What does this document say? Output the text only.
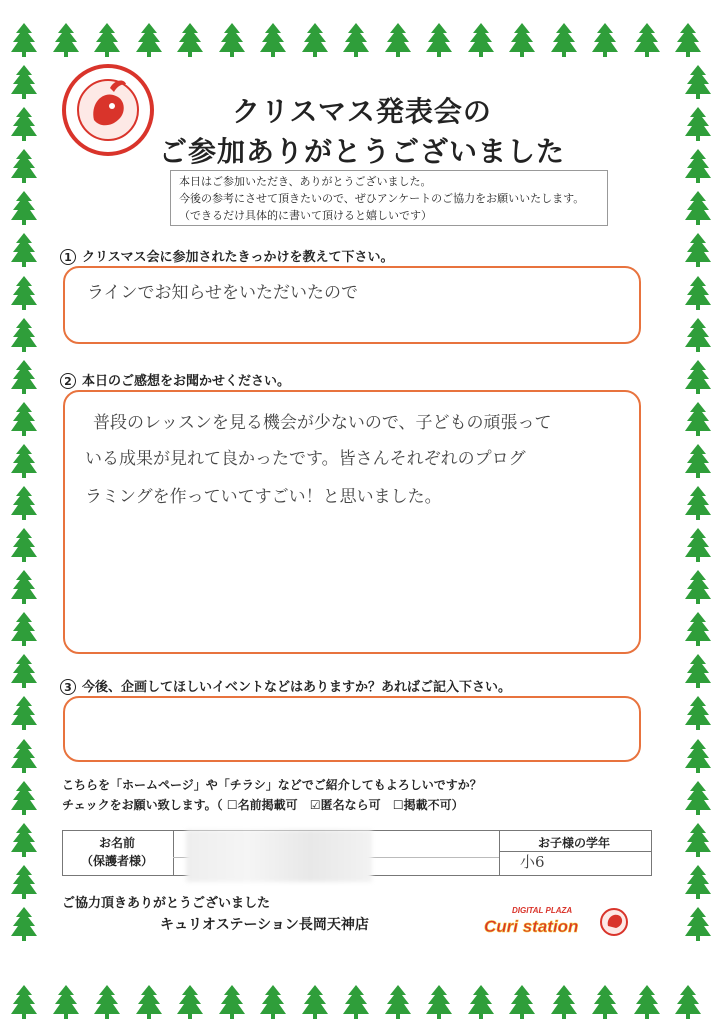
クリスマス発表会の
ご参加ありがとうございました
本日はご参加いただき、ありがとうございました。
今後の参考にさせて頂きたいので、ぜひアンケートのご協力をお願いいたします。
（できるだけ具体的に書いて頂けると嬉しいです）
1 クリスマス会に参加されたきっかけを教えて下さい。
ラインでお知らせをいただいたので
2 本日のご感想をお聞かせください。
普段のレッスンを見る機会が少ないので、子どもの頑張って
いる成果が見れて良かったです。皆さんそれぞれのプログ
ラミングを作っていてすごい！と思いました。
3 今後、企画してほしいイベントなどはありますか？あればご記入下さい。
こちらを「ホームページ」や「チラシ」などでご紹介してもよろしいですか？
チェックをお願い致します。（ ☐名前掲載可 ☑匿名なら可 ☐掲載不可）
お名前
（保護者様）
お子様の学年
小6
ご協力頂きありがとうございました
キュリオステーション長岡天神店
DIGITAL PLAZA
Curi station
